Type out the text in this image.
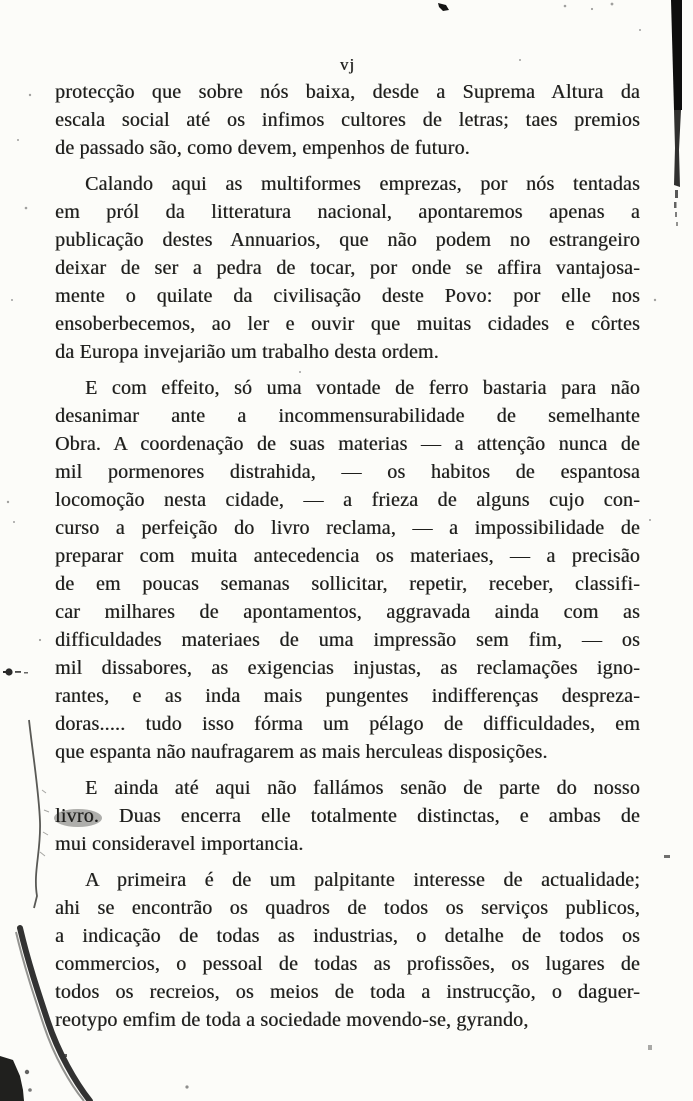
vj
protecção que sobre nós baixa, desde a Suprema Altura da
escala social até os infimos cultores de letras; taes premios
de passado são, como devem, empenhos de futuro.
Calando aqui as multiformes emprezas, por nós tentadas
em pról da litteratura nacional, apontaremos apenas a
publicação destes Annuarios, que não podem no estrangeiro
deixar de ser a pedra de tocar, por onde se affira vantajosa-
mente o quilate da civilisação deste Povo: por elle nos
ensoberbecemos, ao ler e ouvir que muitas cidades e côrtes
da Europa invejarião um trabalho desta ordem.
E com effeito, só uma vontade de ferro bastaria para não
desanimar ante a incommensurabilidade de semelhante
Obra. A coordenação de suas materias — a attenção nunca de
mil pormenores distrahida, — os habitos de espantosa
locomoção nesta cidade, — a frieza de alguns cujo con-
curso a perfeição do livro reclama, — a impossibilidade de
preparar com muita antecedencia os materiaes, — a precisão
de em poucas semanas sollicitar, repetir, receber, classifi-
car milhares de apontamentos, aggravada ainda com as
difficuldades materiaes de uma impressão sem fim, — os
mil dissabores, as exigencias injustas, as reclamações igno-
rantes, e as inda mais pungentes indifferenças despreza-
doras..... tudo isso fórma um pélago de difficuldades, em
que espanta não naufragarem as mais herculeas disposições.
E ainda até aqui não fallámos senão de parte do nosso
livro. Duas encerra elle totalmente distinctas, e ambas de
mui consideravel importancia.
A primeira é de um palpitante interesse de actualidade;
ahi se encontrão os quadros de todos os serviços publicos,
a indicação de todas as industrias, o detalhe de todos os
commercios, o pessoal de todas as profissões, os lugares de
todos os recreios, os meios de toda a instrucção, o daguer-
reotypo emfim de toda a sociedade movendo-se, gyrando,
